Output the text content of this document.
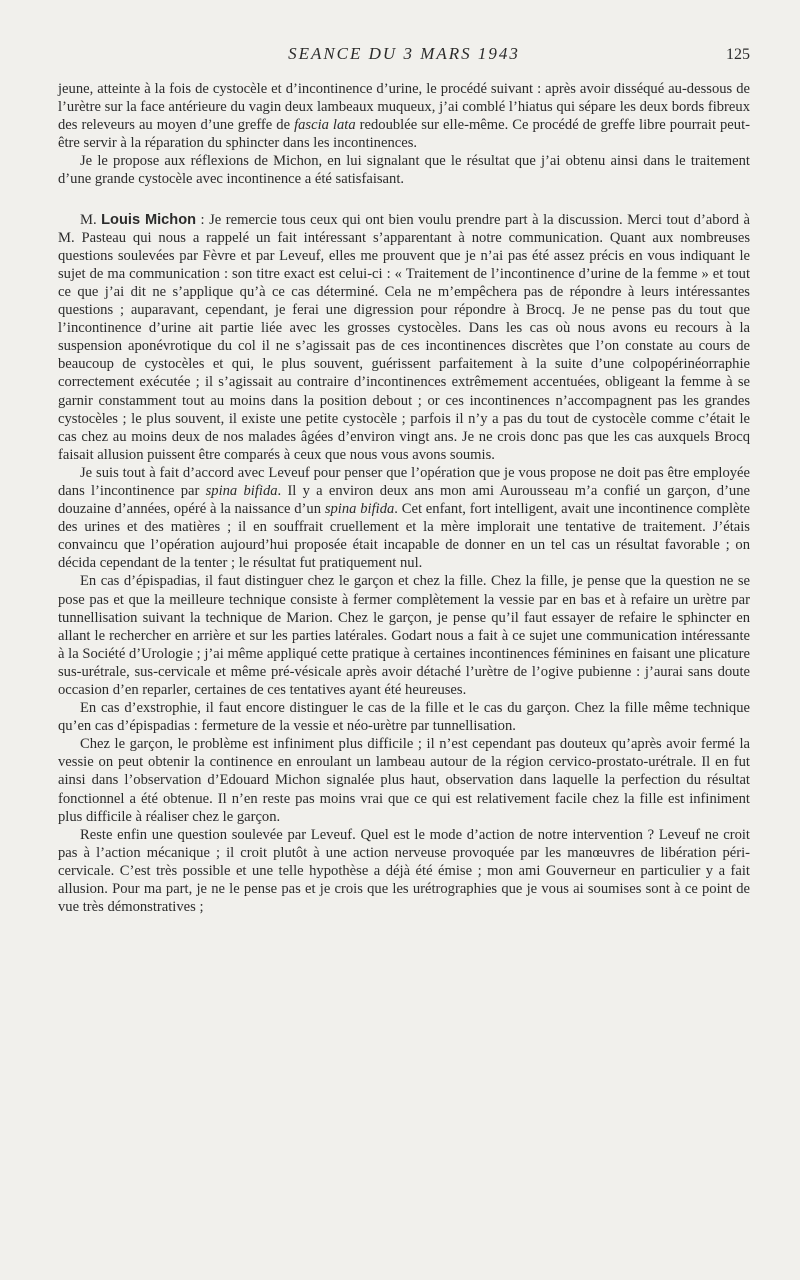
SEANCE DU 3 MARS 1943	125

jeune, atteinte à la fois de cystocèle et d’incontinence d’urine, le procédé suivant : après avoir disséqué au-dessous de l’urètre sur la face antérieure du vagin deux lambeaux muqueux, j’ai comblé l’hiatus qui sépare les deux bords fibreux des releveurs au moyen d’une greffe de fascia lata redoublée sur elle-même. Ce procédé de greffe libre pourrait peut-être servir à la réparation du sphincter dans les incontinences.

Je le propose aux réflexions de Michon, en lui signalant que le résultat que j’ai obtenu ainsi dans le traitement d’une grande cystocèle avec incontinence a été satisfaisant.

M. Louis Michon : Je remercie tous ceux qui ont bien voulu prendre part à la discussion. Merci tout d’abord à M. Pasteau qui nous a rappelé un fait intéressant s’apparentant à notre communication. Quant aux nombreuses questions soulevées par Fèvre et par Leveuf, elles me prouvent que je n’ai pas été assez précis en vous indiquant le sujet de ma communication : son titre exact est celui-ci : « Traitement de l’incontinence d’urine de la femme » et tout ce que j’ai dit ne s’applique qu’à ce cas déterminé. Cela ne m’empêchera pas de répondre à leurs intéressantes questions ; auparavant, cependant, je ferai une digression pour répondre à Brocq. Je ne pense pas du tout que l’incontinence d’urine ait partie liée avec les grosses cystocèles. Dans les cas où nous avons eu recours à la suspension aponévrotique du col il ne s’agissait pas de ces incontinences discrètes que l’on constate au cours de beaucoup de cystocèles et qui, le plus souvent, guérissent parfaitement à la suite d’une colpopérinéorraphie correctement exécutée ; il s’agissait au contraire d’incontinences extrêmement accentuées, obligeant la femme à se garnir constamment tout au moins dans la position debout ; or ces incontinences n’accompagnent pas les grandes cystocèles ; le plus souvent, il existe une petite cystocèle ; parfois il n’y a pas du tout de cystocèle comme c’était le cas chez au moins deux de nos malades âgées d’environ vingt ans. Je ne crois donc pas que les cas auxquels Brocq faisait allusion puissent être comparés à ceux que nous vous avons soumis.

Je suis tout à fait d’accord avec Leveuf pour penser que l’opération que je vous propose ne doit pas être employée dans l’incontinence par spina bifida. Il y a environ deux ans mon ami Aurousseau m’a confié un garçon, d’une douzaine d’années, opéré à la naissance d’un spina bifida. Cet enfant, fort intelligent, avait une incontinence complète des urines et des matières ; il en souffrait cruellement et la mère implorait une tentative de traitement. J’étais convaincu que l’opération aujourd’hui proposée était incapable de donner en un tel cas un résultat favorable ; on décida cependant de la tenter ; le résultat fut pratiquement nul.

En cas d’épispadias, il faut distinguer chez le garçon et chez la fille. Chez la fille, je pense que la question ne se pose pas et que la meilleure technique consiste à fermer complètement la vessie par en bas et à refaire un urètre par tunnellisation suivant la technique de Marion. Chez le garçon, je pense qu’il faut essayer de refaire le sphincter en allant le rechercher en arrière et sur les parties latérales. Godart nous a fait à ce sujet une communication intéressante à la Société d’Urologie ; j’ai même appliqué cette pratique à certaines incontinences féminines en faisant une plicature sus-urétrale, sus-cervicale et même pré-vésicale après avoir détaché l’urètre de l’ogive pubienne : j’aurai sans doute occasion d’en reparler, certaines de ces tentatives ayant été heureuses.

En cas d’exstrophie, il faut encore distinguer le cas de la fille et le cas du garçon. Chez la fille même technique qu’en cas d’épispadias : fermeture de la vessie et néo-urètre par tunnellisation.

Chez le garçon, le problème est infiniment plus difficile ; il n’est cependant pas douteux qu’après avoir fermé la vessie on peut obtenir la continence en enroulant un lambeau autour de la région cervico-prostato-urétrale. Il en fut ainsi dans l’observation d’Edouard Michon signalée plus haut, observation dans laquelle la perfection du résultat fonctionnel a été obtenue. Il n’en reste pas moins vrai que ce qui est relativement facile chez la fille est infiniment plus difficile à réaliser chez le garçon.

Reste enfin une question soulevée par Leveuf. Quel est le mode d’action de notre intervention ? Leveuf ne croit pas à l’action mécanique ; il croit plutôt à une action nerveuse provoquée par les manœuvres de libération péri-cervicale. C’est très possible et une telle hypothèse a déjà été émise ; mon ami Gouverneur en particulier y a fait allusion. Pour ma part, je ne le pense pas et je crois que les urétrographies que je vous ai soumises sont à ce point de vue très démonstratives ;
